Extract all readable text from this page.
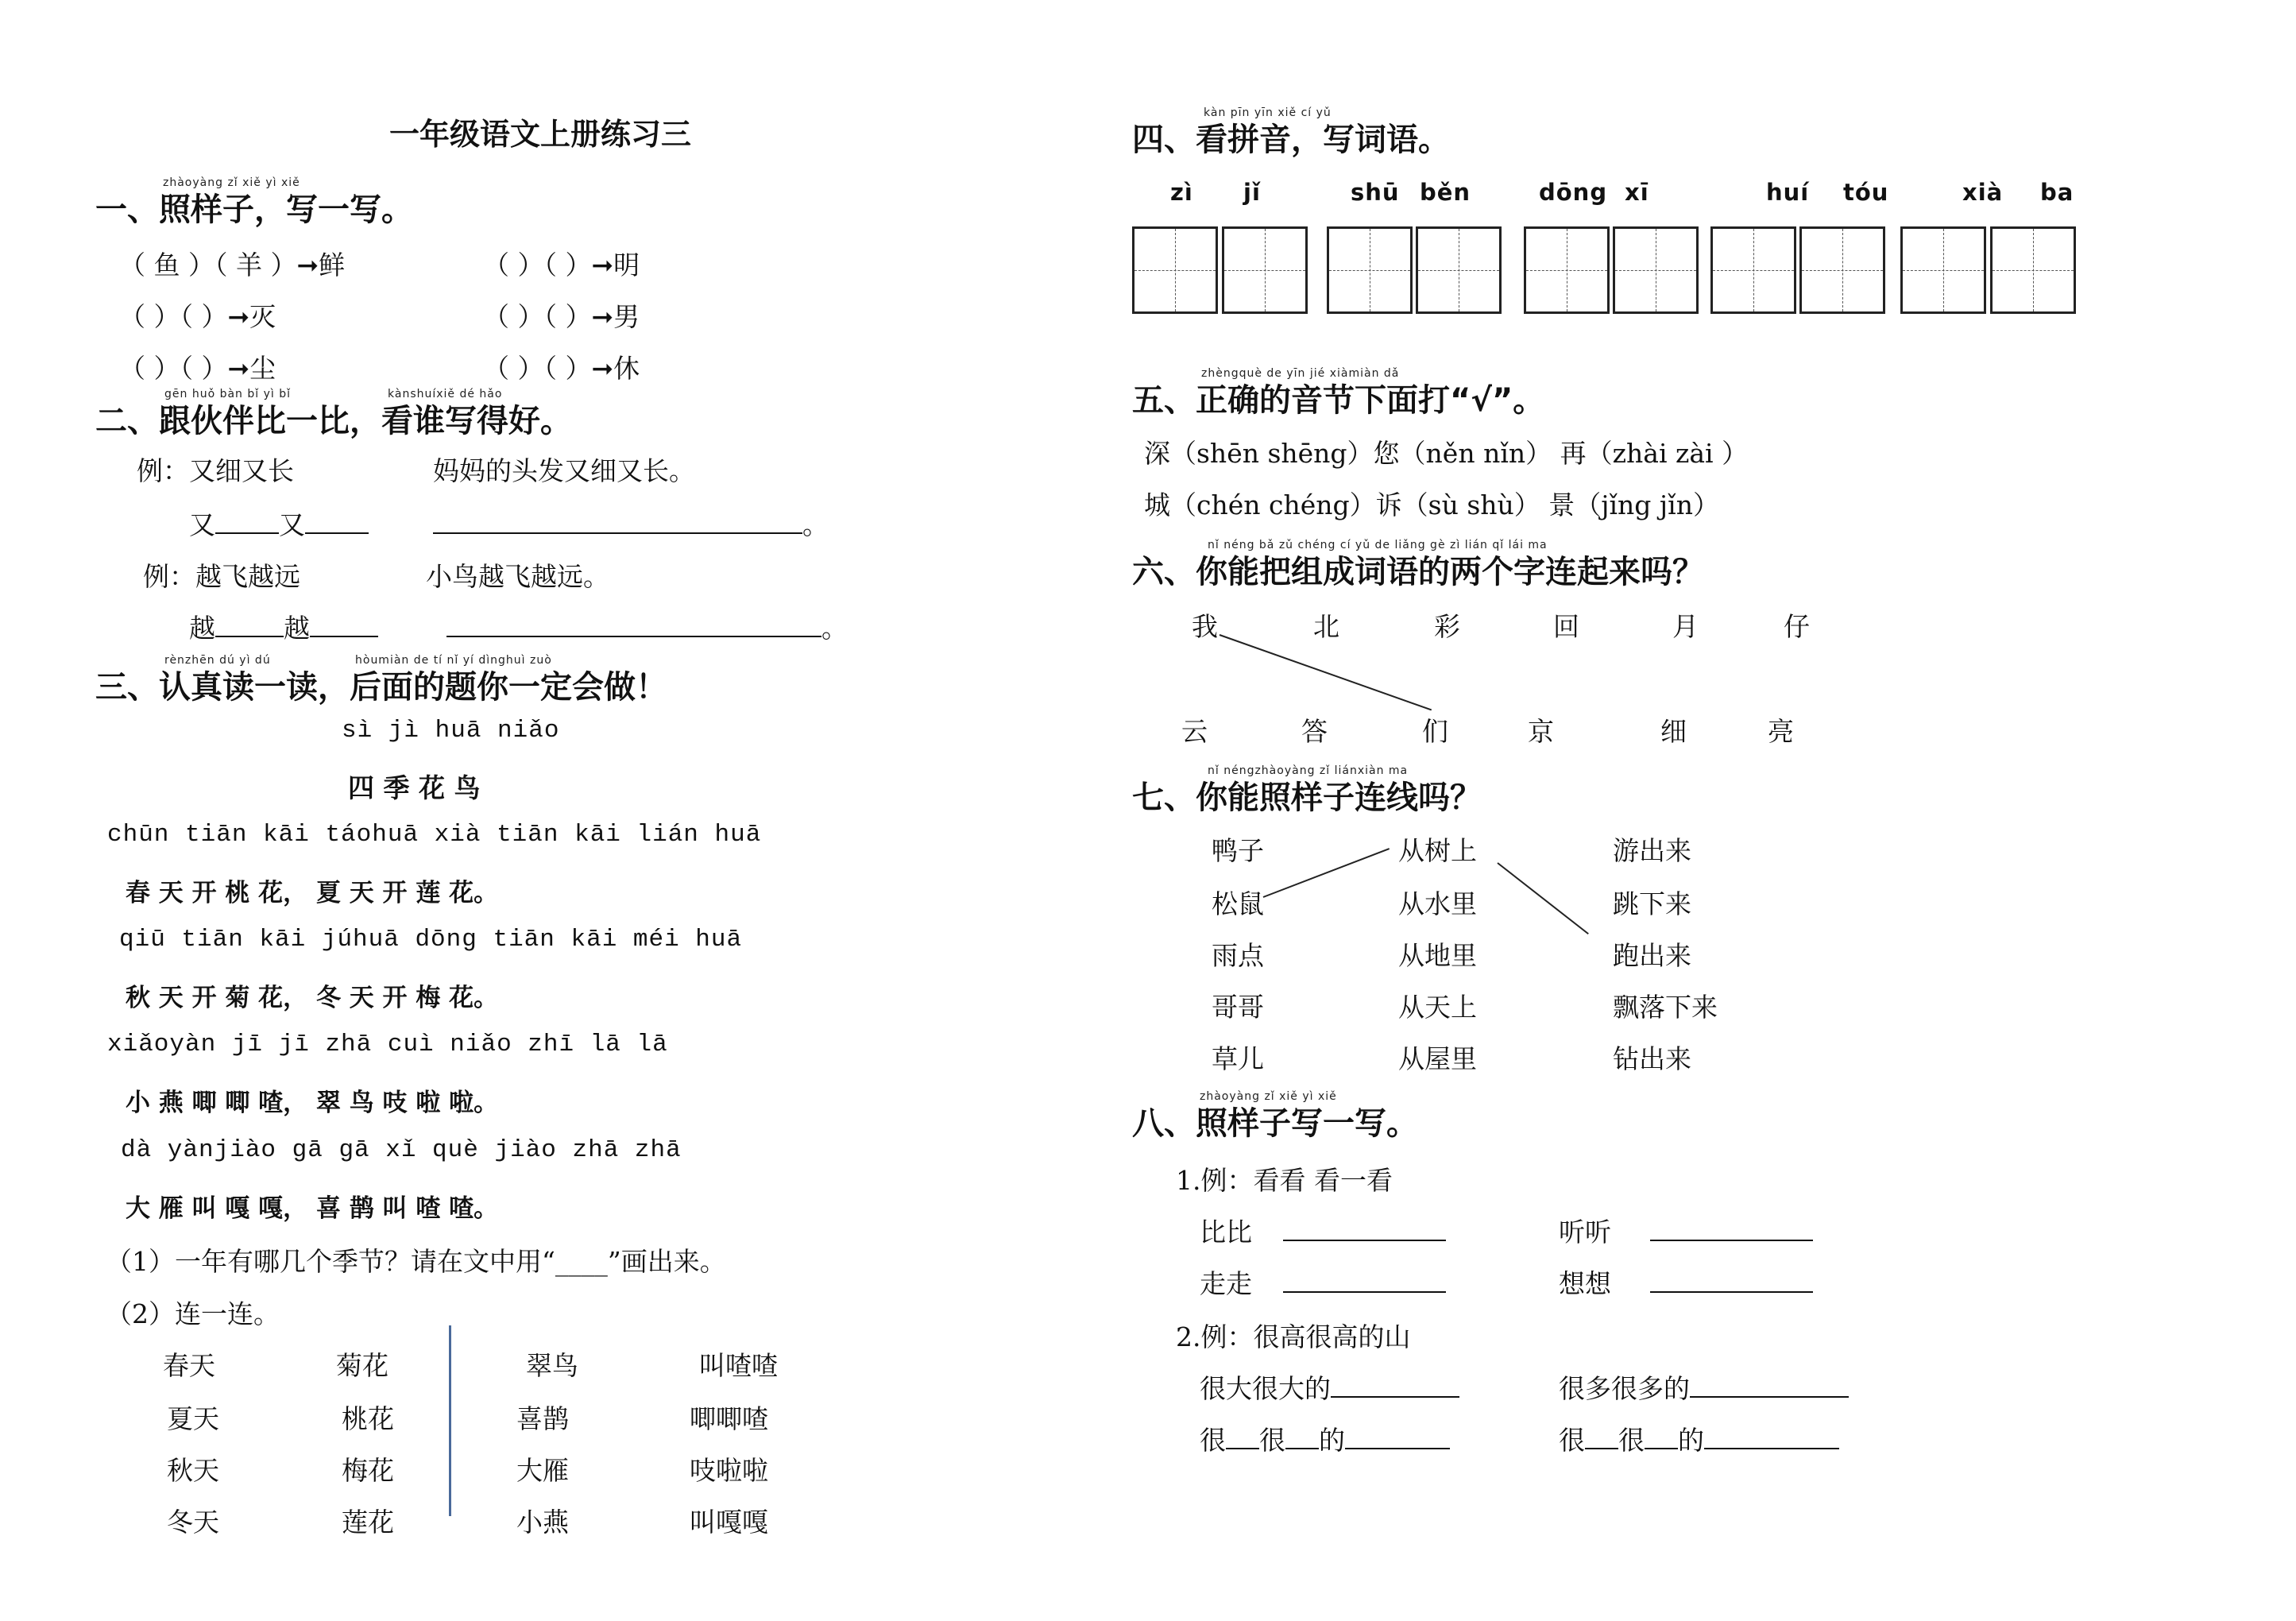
一年级语文上册练习三
zhàoyàng zǐ xiě yì xiě
一、照样子，写一写。
（ 鱼 ）（ 羊 ）➞鲜	（ ）（ ）➞明
（ ）（ ）➞灭	（ ）（ ）➞男
（ ）（ ）➞尘	（ ）（ ）➞休
gēn huǒ bàn bǐ yì bǐ	kànshuíxiě dé hǎo
二、跟伙伴比一比，看谁写得好。
例：又细又长	妈妈的头发又细又长。
又 又	。
例：越飞越远	小鸟越飞越远。
越	越	。
rènzhēn dú yì dú	hòumiàn de tí nǐ yí dìnghuì zuò
三、认真读一读，后面的题你一定会做！
sì jì huā niǎo
四 季 花 鸟
chūn tiān kāi táohuā xià tiān kāi lián huā
春 天 开 桃 花， 夏 天 开 莲 花。
qiū tiān kāi júhuā dōng tiān kāi méi huā
秋 天 开 菊 花， 冬 天 开 梅 花。
xiǎoyàn jī jī zhā cuì niǎo zhī lā lā
小 燕 唧 唧 喳， 翠 鸟 吱 啦 啦。
dà yànjiào gā gā xǐ què jiào zhā zhā
大 雁 叫 嘎 嘎， 喜 鹊 叫 喳 喳。
（1）一年有哪几个季节？请在文中用“____”画出来。
（2）连一连。
春天
夏天
秋天
冬天
菊花
桃花
梅花
莲花
翠鸟
喜鹊
大雁
小燕
叫喳喳
唧唧喳
吱啦啦
叫嘎嘎
kàn pīn yīn xiě cí yǔ
四、看拼音，写词语。
zì jǐ	shū běn	dōng xī	huí tóu	xià ba
zhèngquè de yīn jié xiàmiàn dǎ
五、正确的音节下面打“√”。
深（shēn shēng）您（něn nǐn） 再（zhài zài ）
城（chén chéng）诉（sù shù） 景（jǐng jǐn）
nǐ néng bǎ zǔ chéng cí yǔ de liǎng gè zì lián qǐ lái ma
六、你能把组成词语的两个字连起来吗？
我	北	彩	回	月	仔
云	答	们	京	细	亮
nǐ néngzhàoyàng zǐ liánxiàn ma
七、你能照样子连线吗？
鸭子
松鼠
雨点
哥哥
草儿
从树上
从水里
从地里
从天上
从屋里
游出来
跳下来
跑出来
飘落下来
钻出来
zhàoyàng zǐ xiě yì xiě
八、照样子写一写。
1.例：看看 看一看
比比	听听
走走	想想
2.例：很高很高的山
很大很大的	很多很多的
很 很 的	很 很 的
